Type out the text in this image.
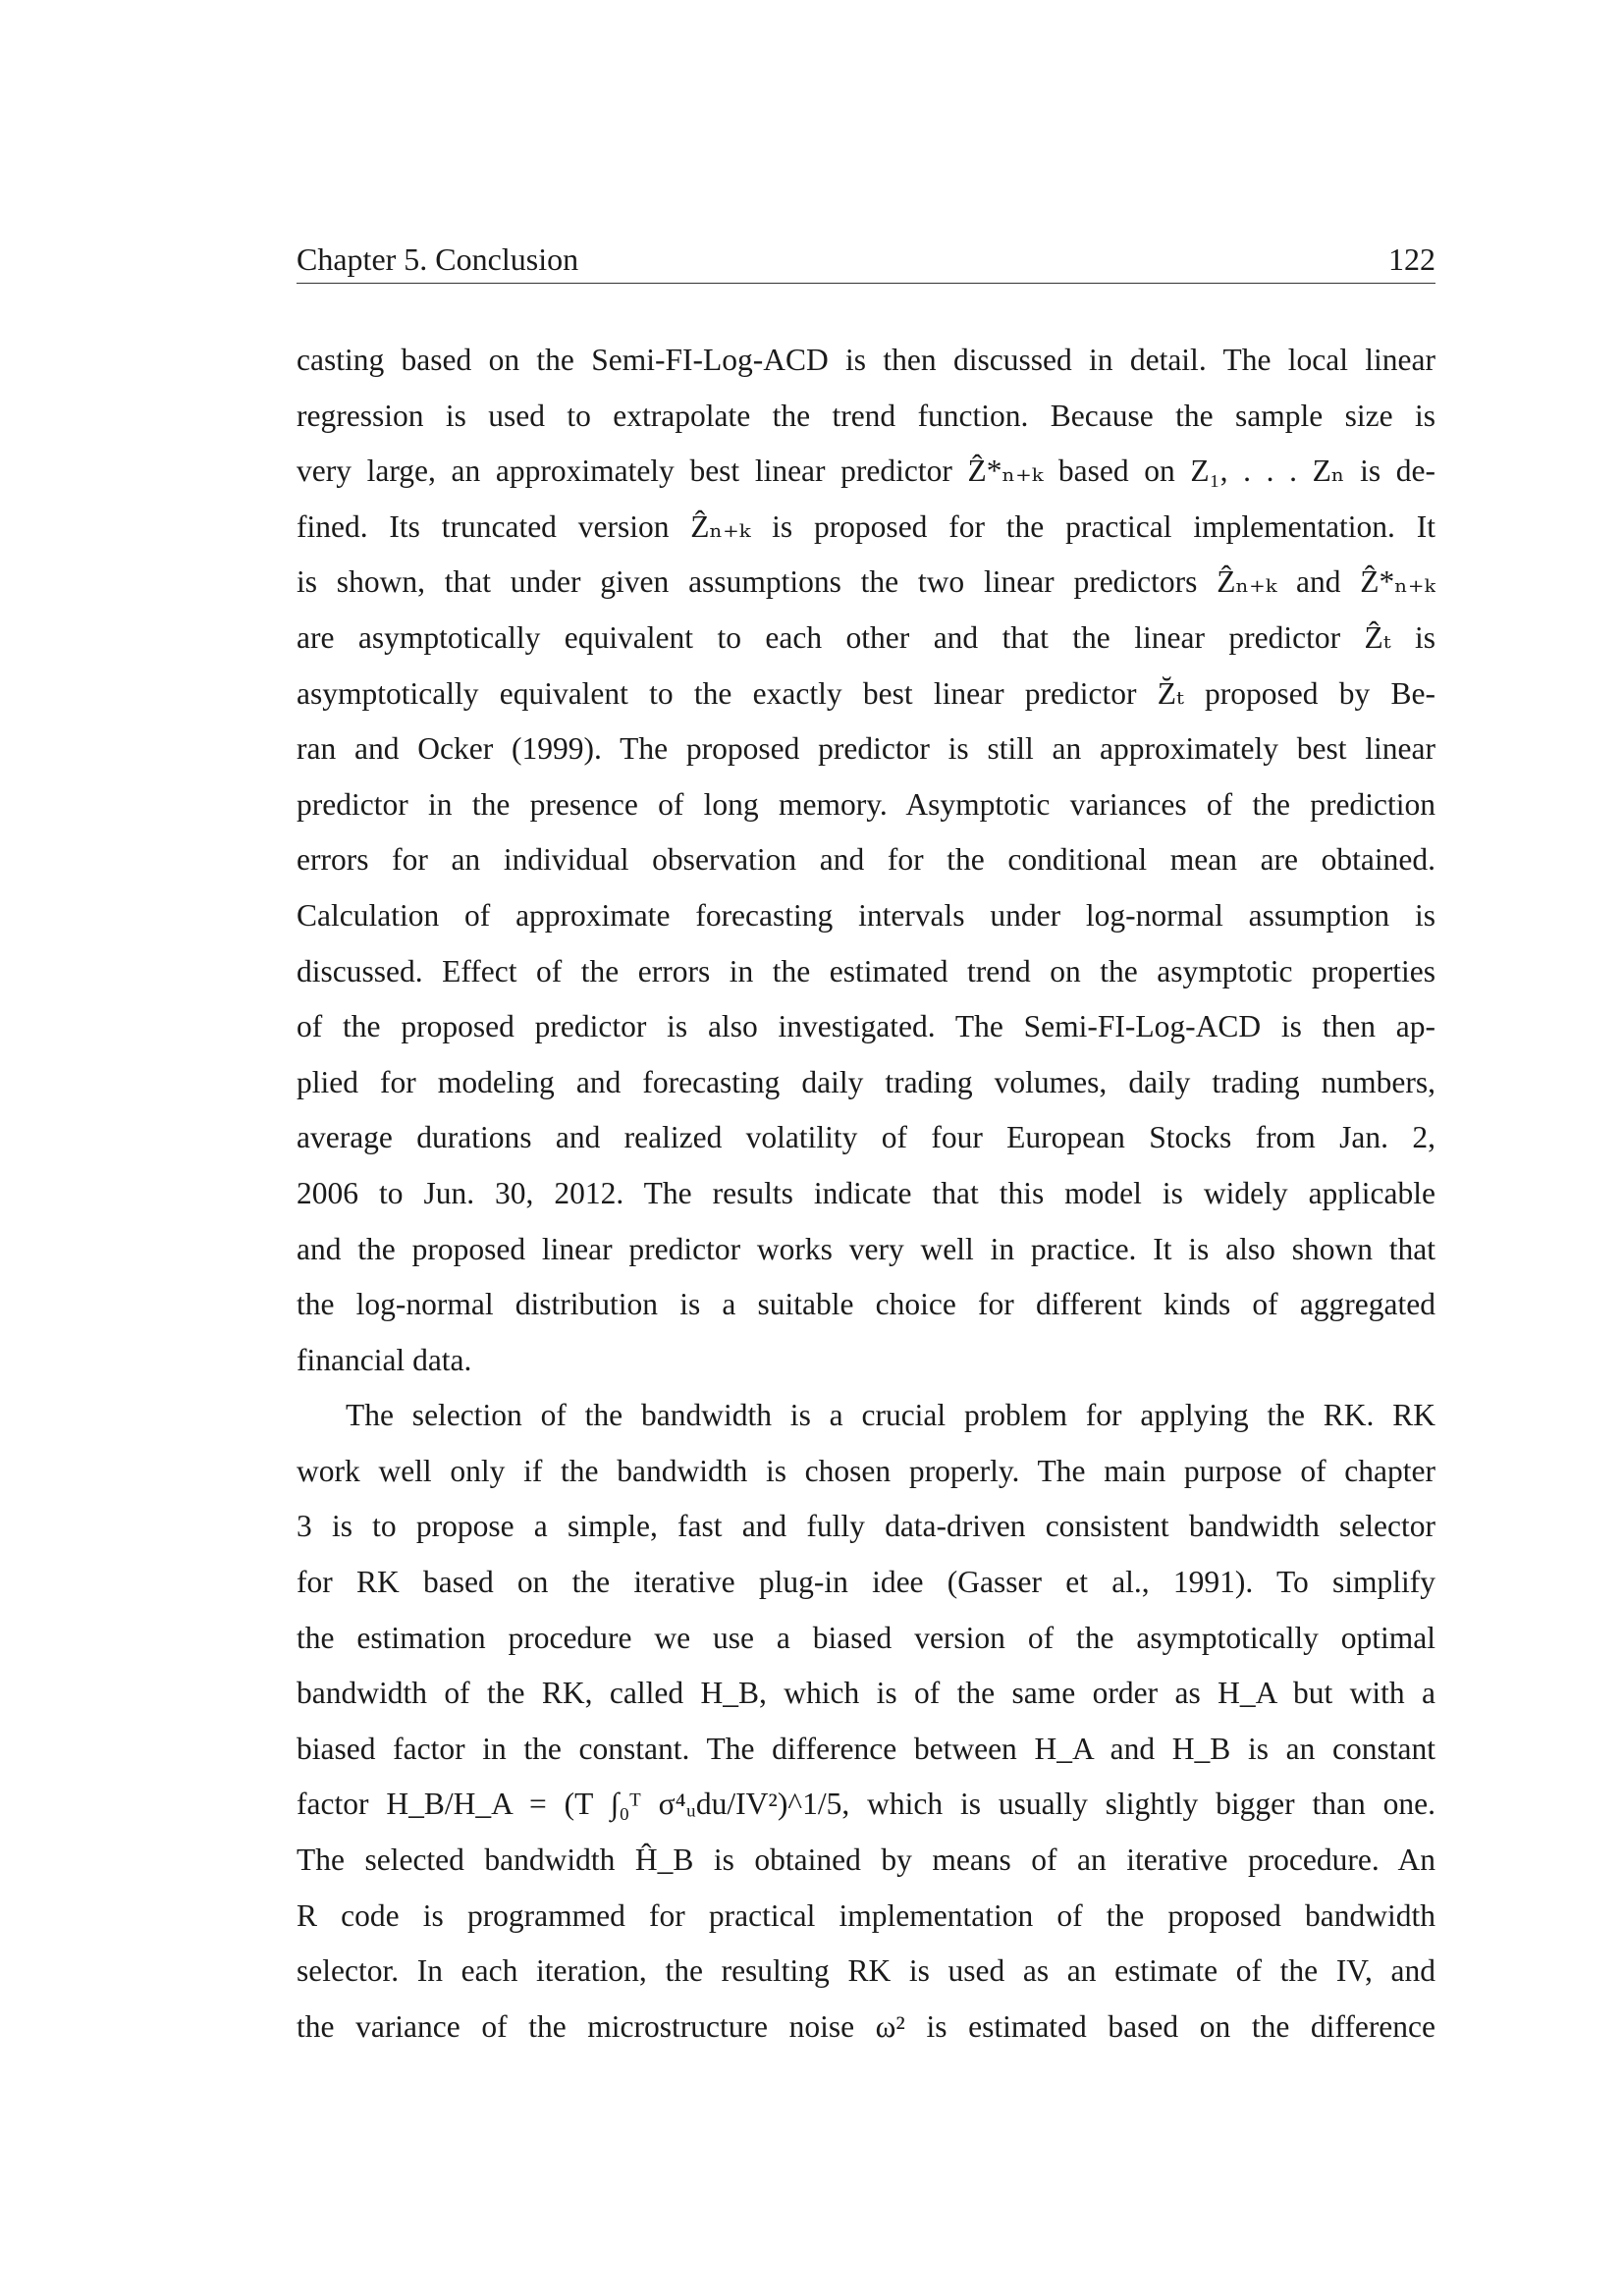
Chapter 5. Conclusion	122
casting based on the Semi-FI-Log-ACD is then discussed in detail. The local linear
regression is used to extrapolate the trend function. Because the sample size is
very large, an approximately best linear predictor Ẑ*ₙ₊ₖ based on Z₁, . . . Zₙ is de-
fined. Its truncated version Ẑₙ₊ₖ is proposed for the practical implementation. It
is shown, that under given assumptions the two linear predictors Ẑₙ₊ₖ and Ẑ*ₙ₊ₖ
are asymptotically equivalent to each other and that the linear predictor Ẑₜ is
asymptotically equivalent to the exactly best linear predictor Z̆ₜ proposed by Be-
ran and Ocker (1999). The proposed predictor is still an approximately best linear
predictor in the presence of long memory. Asymptotic variances of the prediction
errors for an individual observation and for the conditional mean are obtained.
Calculation of approximate forecasting intervals under log-normal assumption is
discussed. Effect of the errors in the estimated trend on the asymptotic properties
of the proposed predictor is also investigated. The Semi-FI-Log-ACD is then ap-
plied for modeling and forecasting daily trading volumes, daily trading numbers,
average durations and realized volatility of four European Stocks from Jan. 2,
2006 to Jun. 30, 2012. The results indicate that this model is widely applicable
and the proposed linear predictor works very well in practice. It is also shown that
the log-normal distribution is a suitable choice for different kinds of aggregated
financial data.
The selection of the bandwidth is a crucial problem for applying the RK. RK
work well only if the bandwidth is chosen properly. The main purpose of chapter
3 is to propose a simple, fast and fully data-driven consistent bandwidth selector
for RK based on the iterative plug-in idee (Gasser et al., 1991). To simplify
the estimation procedure we use a biased version of the asymptotically optimal
bandwidth of the RK, called H_B, which is of the same order as H_A but with a
biased factor in the constant. The difference between H_A and H_B is an constant
factor H_B/H_A = (T ∫₀ᵀ σ⁴ᵤdu/IV²)^1/5, which is usually slightly bigger than one.
The selected bandwidth Ĥ_B is obtained by means of an iterative procedure. An
R code is programmed for practical implementation of the proposed bandwidth
selector. In each iteration, the resulting RK is used as an estimate of the IV, and
the variance of the microstructure noise ω² is estimated based on the difference
